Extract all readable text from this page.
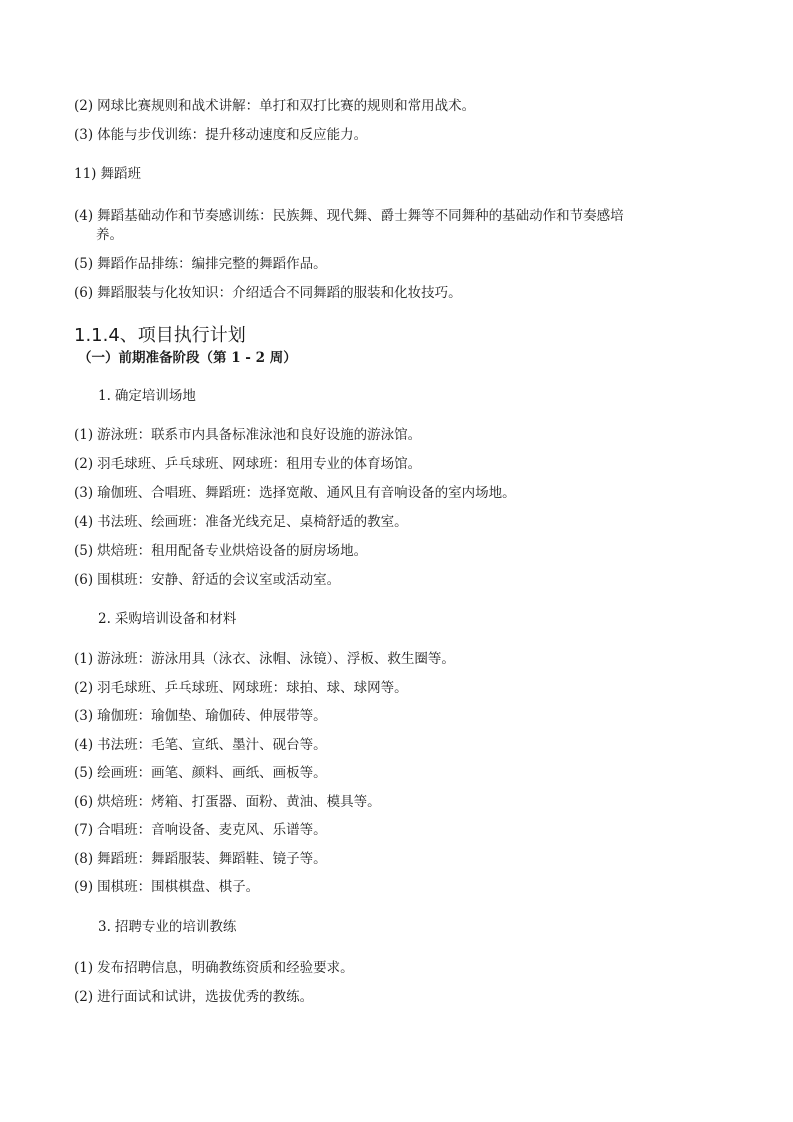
(2) 网球比赛规则和战术讲解：单打和双打比赛的规则和常用战术。
(3) 体能与步伐训练：提升移动速度和反应能力。
11) 舞蹈班
(4) 舞蹈基础动作和节奏感训练：民族舞、现代舞、爵士舞等不同舞种的基础动作和节奏感培
养。
(5) 舞蹈作品排练：编排完整的舞蹈作品。
(6) 舞蹈服装与化妆知识：介绍适合不同舞蹈的服装和化妆技巧。
1.1.4、项目执行计划
（一）前期准备阶段（第 1 - 2 周）
1. 确定培训场地
(1) 游泳班：联系市内具备标准泳池和良好设施的游泳馆。
(2) 羽毛球班、乒乓球班、网球班：租用专业的体育场馆。
(3) 瑜伽班、合唱班、舞蹈班：选择宽敞、通风且有音响设备的室内场地。
(4) 书法班、绘画班：准备光线充足、桌椅舒适的教室。
(5) 烘焙班：租用配备专业烘焙设备的厨房场地。
(6) 围棋班：安静、舒适的会议室或活动室。
2. 采购培训设备和材料
(1) 游泳班：游泳用具（泳衣、泳帽、泳镜）、浮板、救生圈等。
(2) 羽毛球班、乒乓球班、网球班：球拍、球、球网等。
(3) 瑜伽班：瑜伽垫、瑜伽砖、伸展带等。
(4) 书法班：毛笔、宣纸、墨汁、砚台等。
(5) 绘画班：画笔、颜料、画纸、画板等。
(6) 烘焙班：烤箱、打蛋器、面粉、黄油、模具等。
(7) 合唱班：音响设备、麦克风、乐谱等。
(8) 舞蹈班：舞蹈服装、舞蹈鞋、镜子等。
(9) 围棋班：围棋棋盘、棋子。
3. 招聘专业的培训教练
(1) 发布招聘信息，明确教练资质和经验要求。
(2) 进行面试和试讲，选拔优秀的教练。
